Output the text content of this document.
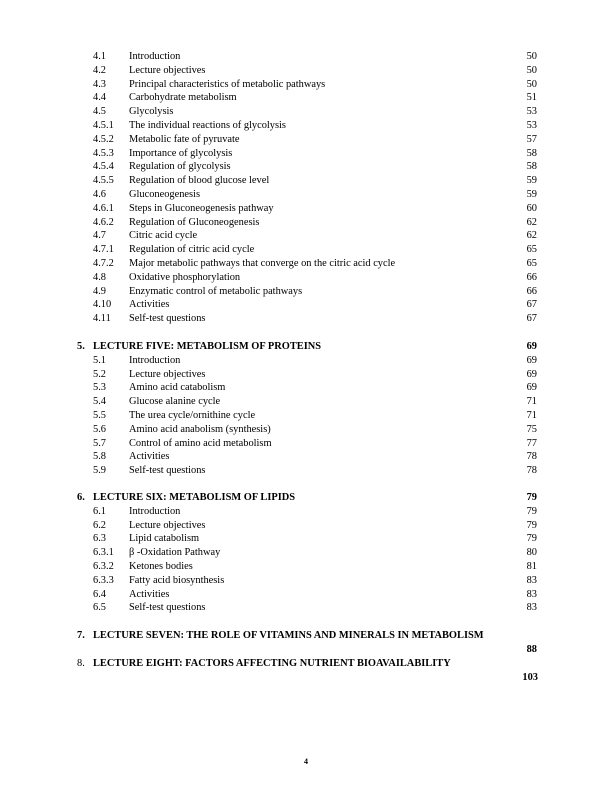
4.1 Introduction	50
4.2 Lecture objectives	50
4.3 Principal characteristics of metabolic pathways	50
4.4 Carbohydrate metabolism	51
4.5 Glycolysis	53
4.5.1 The individual reactions of glycolysis	53
4.5.2 Metabolic fate of pyruvate	57
4.5.3 Importance of glycolysis	58
4.5.4 Regulation of glycolysis	58
4.5.5 Regulation of blood glucose level	59
4.6 Gluconeogenesis	59
4.6.1 Steps in Gluconeogenesis pathway	60
4.6.2 Regulation of Gluconeogenesis	62
4.7 Citric acid cycle	62
4.7.1 Regulation of citric acid cycle	65
4.7.2 Major metabolic pathways that converge on the citric acid cycle	65
4.8 Oxidative phosphorylation	66
4.9 Enzymatic control of metabolic pathways	66
4.10 Activities	67
4.11 Self-test questions	67
5. LECTURE FIVE: METABOLISM OF PROTEINS	69
5.1 Introduction	69
5.2 Lecture objectives	69
5.3 Amino acid catabolism	69
5.4 Glucose alanine cycle	71
5.5 The urea cycle/ornithine cycle	71
5.6 Amino acid anabolism (synthesis)	75
5.7 Control of amino acid metabolism	77
5.8 Activities	78
5.9 Self-test questions	78
6. LECTURE SIX: METABOLISM OF LIPIDS	79
6.1 Introduction	79
6.2 Lecture objectives	79
6.3 Lipid catabolism	79
6.3.1 β -Oxidation Pathway	80
6.3.2 Ketones bodies	81
6.3.3 Fatty acid biosynthesis	83
6.4 Activities	83
6.5 Self-test questions	83
7. LECTURE SEVEN: THE ROLE OF VITAMINS AND MINERALS IN METABOLISM
88
8. LECTURE EIGHT: FACTORS AFFECTING NUTRIENT BIOAVAILABILITY
103
4
